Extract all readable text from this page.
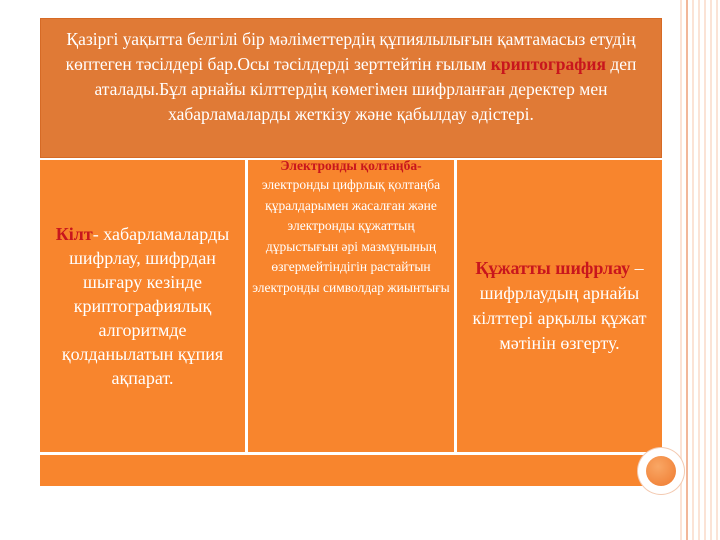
Қазіргі уақытта белгілі бір мәліметтердің құпиялылығын қамтамасыз етудің көптеген тәсілдері бар.Осы тәсілдерді зерттейтін ғылым криптография деп аталады.Бұл арнайы кілттердің көмегімен шифрланған деректер мен хабарламаларды жеткізу және қабылдау әдістері.
Кілт- хабарламаларды шифрлау, шифрдан шығару кезінде криптографиялық алгоритмде қолданылатын құпия ақпарат.
Электронды қолтаңба-
электронды цифрлық қолтаңба құралдарымен жасалған және электронды құжаттың дұрыстығын әрі мазмұнының өзгермейтіндігін растайтын электронды символдар жиынтығы
Құжатты шифрлау – шифрлаудың арнайы кілттері арқылы құжат мәтінін өзгерту.
